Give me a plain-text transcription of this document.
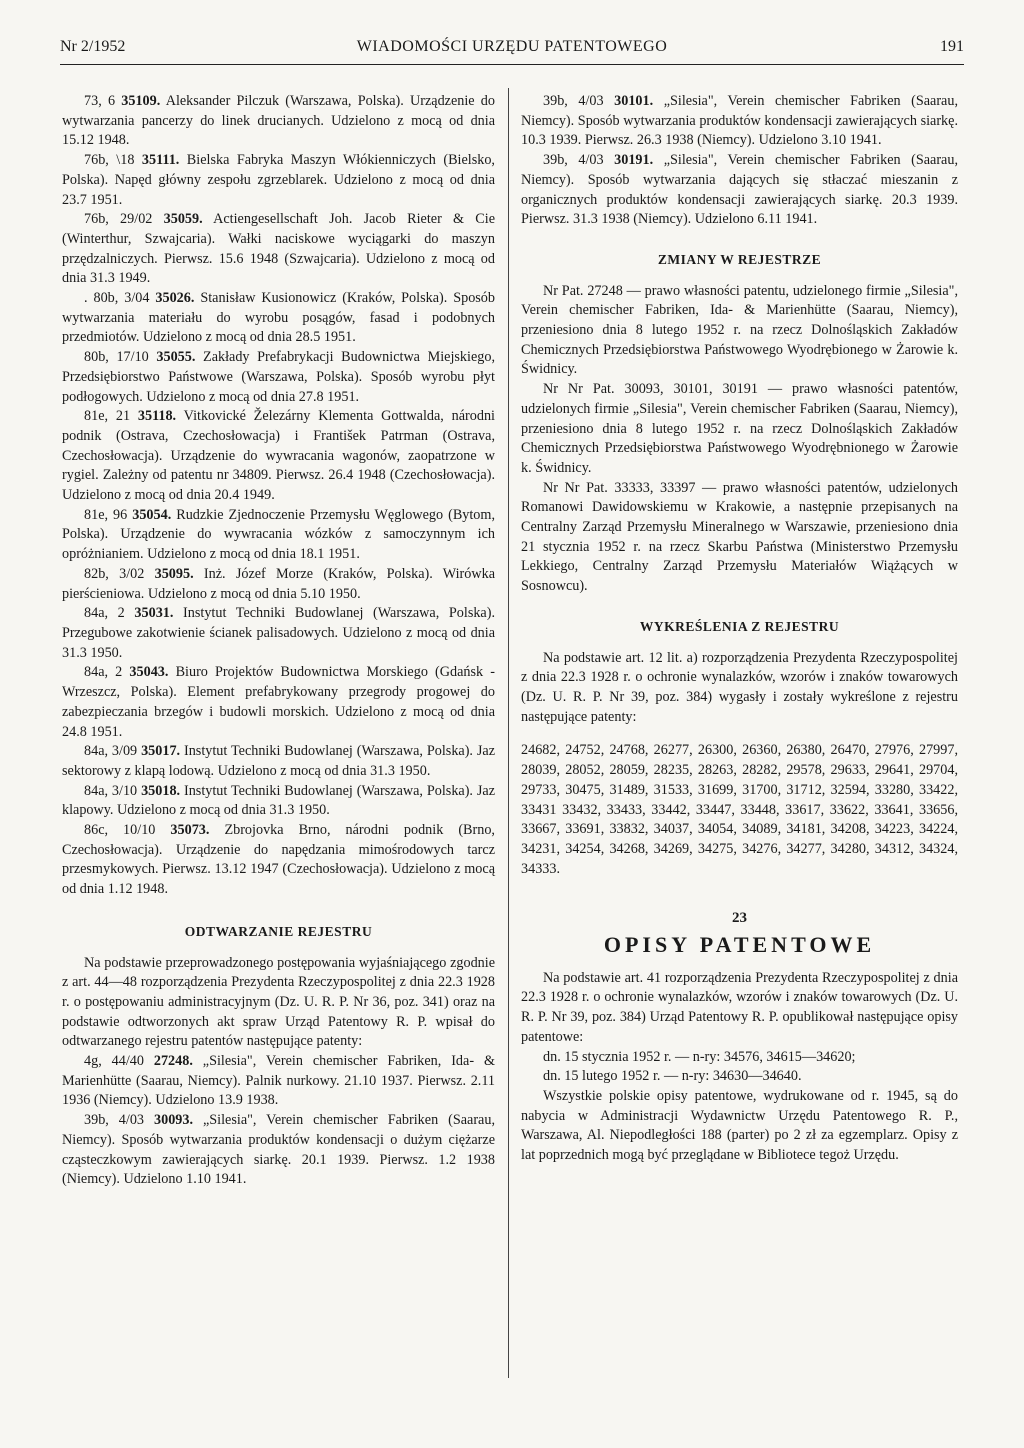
Nr 2/1952	WIADOMOŚCI URZĘDU PATENTOWEGO	191

73, 6 35109. Aleksander Pilczuk (Warszawa, Polska). Urządzenie do wytwarzania pancerzy do linek drucianych. Udzielono z mocą od dnia 15.12 1948.

76b, \18 35111. Bielska Fabryka Maszyn Włókienniczych (Bielsko, Polska). Napęd główny zespołu zgrzeblarek. Udzielono z mocą od dnia 23.7 1951.

76b, 29/02 35059. Actiengesellschaft Joh. Jacob Rieter & Cie (Winterthur, Szwajcaria). Wałki naciskowe wyciągarki do maszyn przędzalniczych. Pierwsz. 15.6 1948 (Szwajcaria). Udzielono z mocą od dnia 31.3 1949.

. 80b, 3/04 35026. Stanisław Kusionowicz (Kraków, Polska). Sposób wytwarzania materiału do wyrobu posągów, fasad i podobnych przedmiotów. Udzielono z mocą od dnia 28.5 1951.

80b, 17/10 35055. Zakłady Prefabrykacji Budownictwa Miejskiego, Przedsiębiorstwo Państwowe (Warszawa, Polska). Sposób wyrobu płyt podłogowych. Udzielono z mocą od dnia 27.8 1951.

81e, 21 35118. Vitkovické Železárny Klementa Gottwalda, národni podnik (Ostrava, Czechosłowacja) i František Patrman (Ostrava, Czechosłowacja). Urządzenie do wywracania wagonów, zaopatrzone w rygiel. Zależny od patentu nr 34809. Pierwsz. 26.4 1948 (Czechosłowacja). Udzielono z mocą od dnia 20.4 1949.

81e, 96 35054. Rudzkie Zjednoczenie Przemysłu Węglowego (Bytom, Polska). Urządzenie do wywracania wózków z samoczynnym ich opróżnianiem. Udzielono z mocą od dnia 18.1 1951.

82b, 3/02 35095. Inż. Józef Morze (Kraków, Polska). Wirówka pierścieniowa. Udzielono z mocą od dnia 5.10 1950.

84a, 2 35031. Instytut Techniki Budowlanej (Warszawa, Polska). Przegubowe zakotwienie ścianek palisadowych. Udzielono z mocą od dnia 31.3 1950.

84a, 2 35043. Biuro Projektów Budownictwa Morskiego (Gdańsk - Wrzeszcz, Polska). Element prefabrykowany przegrody progowej do zabezpieczania brzegów i budowli morskich. Udzielono z mocą od dnia 24.8 1951.

84a, 3/09 35017. Instytut Techniki Budowlanej (Warszawa, Polska). Jaz sektorowy z klapą lodową. Udzielono z mocą od dnia 31.3 1950.

84a, 3/10 35018. Instytut Techniki Budowlanej (Warszawa, Polska). Jaz klapowy. Udzielono z mocą od dnia 31.3 1950.

86c, 10/10 35073. Zbrojovka Brno, národni podnik (Brno, Czechosłowacja). Urządzenie do napędzania mimośrodowych tarcz przesmykowych. Pierwsz. 13.12 1947 (Czechosłowacja). Udzielono z mocą od dnia 1.12 1948.

ODTWARZANIE REJESTRU

Na podstawie przeprowadzonego postępowania wyjaśniającego zgodnie z art. 44—48 rozporządzenia Prezydenta Rzeczypospolitej z dnia 22.3 1928 r. o postępowaniu administracyjnym (Dz. U. R. P. Nr 36, poz. 341) oraz na podstawie odtworzonych akt spraw Urząd Patentowy R. P. wpisał do odtwarzanego rejestru patentów następujące patenty:

4g, 44/40 27248. „Silesia", Verein chemischer Fabriken, Ida- & Marienhütte (Saarau, Niemcy). Palnik nurkowy. 21.10 1937. Pierwsz. 2.11 1936 (Niemcy). Udzielono 13.9 1938.

39b, 4/03 30093. „Silesia", Verein chemischer Fabriken (Saarau, Niemcy). Sposób wytwarzania produktów kondensacji o dużym ciężarze cząsteczkowym zawierających siarkę. 20.1 1939. Pierwsz. 1.2 1938 (Niemcy). Udzielono 1.10 1941.

39b, 4/03 30101. „Silesia", Verein chemischer Fabriken (Saarau, Niemcy). Sposób wytwarzania produktów kondensacji zawierających siarkę. 10.3 1939. Pierwsz. 26.3 1938 (Niemcy). Udzielono 3.10 1941.

39b, 4/03 30191. „Silesia", Verein chemischer Fabriken (Saarau, Niemcy). Sposób wytwarzania dających się stłaczać mieszanin z organicznych produktów kondensacji zawierających siarkę. 20.3 1939. Pierwsz. 31.3 1938 (Niemcy). Udzielono 6.11 1941.

ZMIANY W REJESTRZE

Nr Pat. 27248 — prawo własności patentu, udzielonego firmie „Silesia", Verein chemischer Fabriken, Ida- & Marienhütte (Saarau, Niemcy), przeniesiono dnia 8 lutego 1952 r. na rzecz Dolnośląskich Zakładów Chemicznych Przedsiębiorstwa Państwowego Wyodrębionego w Żarowie k. Świdnicy.

Nr Nr Pat. 30093, 30101, 30191 — prawo własności patentów, udzielonych firmie „Silesia", Verein chemischer Fabriken (Saarau, Niemcy), przeniesiono dnia 8 lutego 1952 r. na rzecz Dolnośląskich Zakładów Chemicznych Przedsiębiorstwa Państwowego Wyodrębnionego w Żarowie k. Świdnicy.

Nr Nr Pat. 33333, 33397 — prawo własności patentów, udzielonych Romanowi Dawidowskiemu w Krakowie, a następnie przepisanych na Centralny Zarząd Przemysłu Mineralnego w Warszawie, przeniesiono dnia 21 stycznia 1952 r. na rzecz Skarbu Państwa (Ministerstwo Przemysłu Lekkiego, Centralny Zarząd Przemysłu Materiałów Wiążących w Sosnowcu).

WYKREŚLENIA Z REJESTRU

Na podstawie art. 12 lit. a) rozporządzenia Prezydenta Rzeczypospolitej z dnia 22.3 1928 r. o ochronie wynalazków, wzorów i znaków towarowych (Dz. U. R. P. Nr 39, poz. 384) wygasły i zostały wykreślone z rejestru następujące patenty:

24682, 24752, 24768, 26277, 26300, 26360, 26380, 26470, 27976, 27997, 28039, 28052, 28059, 28235, 28263, 28282, 29578, 29633, 29641, 29704, 29733, 30475, 31489, 31533, 31699, 31700, 31712, 32594, 33280, 33422, 33431 33432, 33433, 33442, 33447, 33448, 33617, 33622, 33641, 33656, 33667, 33691, 33832, 34037, 34054, 34089, 34181, 34208, 34223, 34224, 34231, 34254, 34268, 34269, 34275, 34276, 34277, 34280, 34312, 34324, 34333.

23
OPISY PATENTOWE

Na podstawie art. 41 rozporządzenia Prezydenta Rzeczypospolitej z dnia 22.3 1928 r. o ochronie wynalazków, wzorów i znaków towarowych (Dz. U. R. P. Nr 39, poz. 384) Urząd Patentowy R. P. opublikował następujące opisy patentowe:

dn. 15 stycznia 1952 r. — n-ry: 34576, 34615—34620;

dn. 15 lutego 1952 r. — n-ry: 34630—34640.

Wszystkie polskie opisy patentowe, wydrukowane od r. 1945, są do nabycia w Administracji Wydawnictw Urzędu Patentowego R. P., Warszawa, Al. Niepodległości 188 (parter) po 2 zł za egzemplarz. Opisy z lat poprzednich mogą być przeglądane w Bibliotece tegoż Urzędu.
